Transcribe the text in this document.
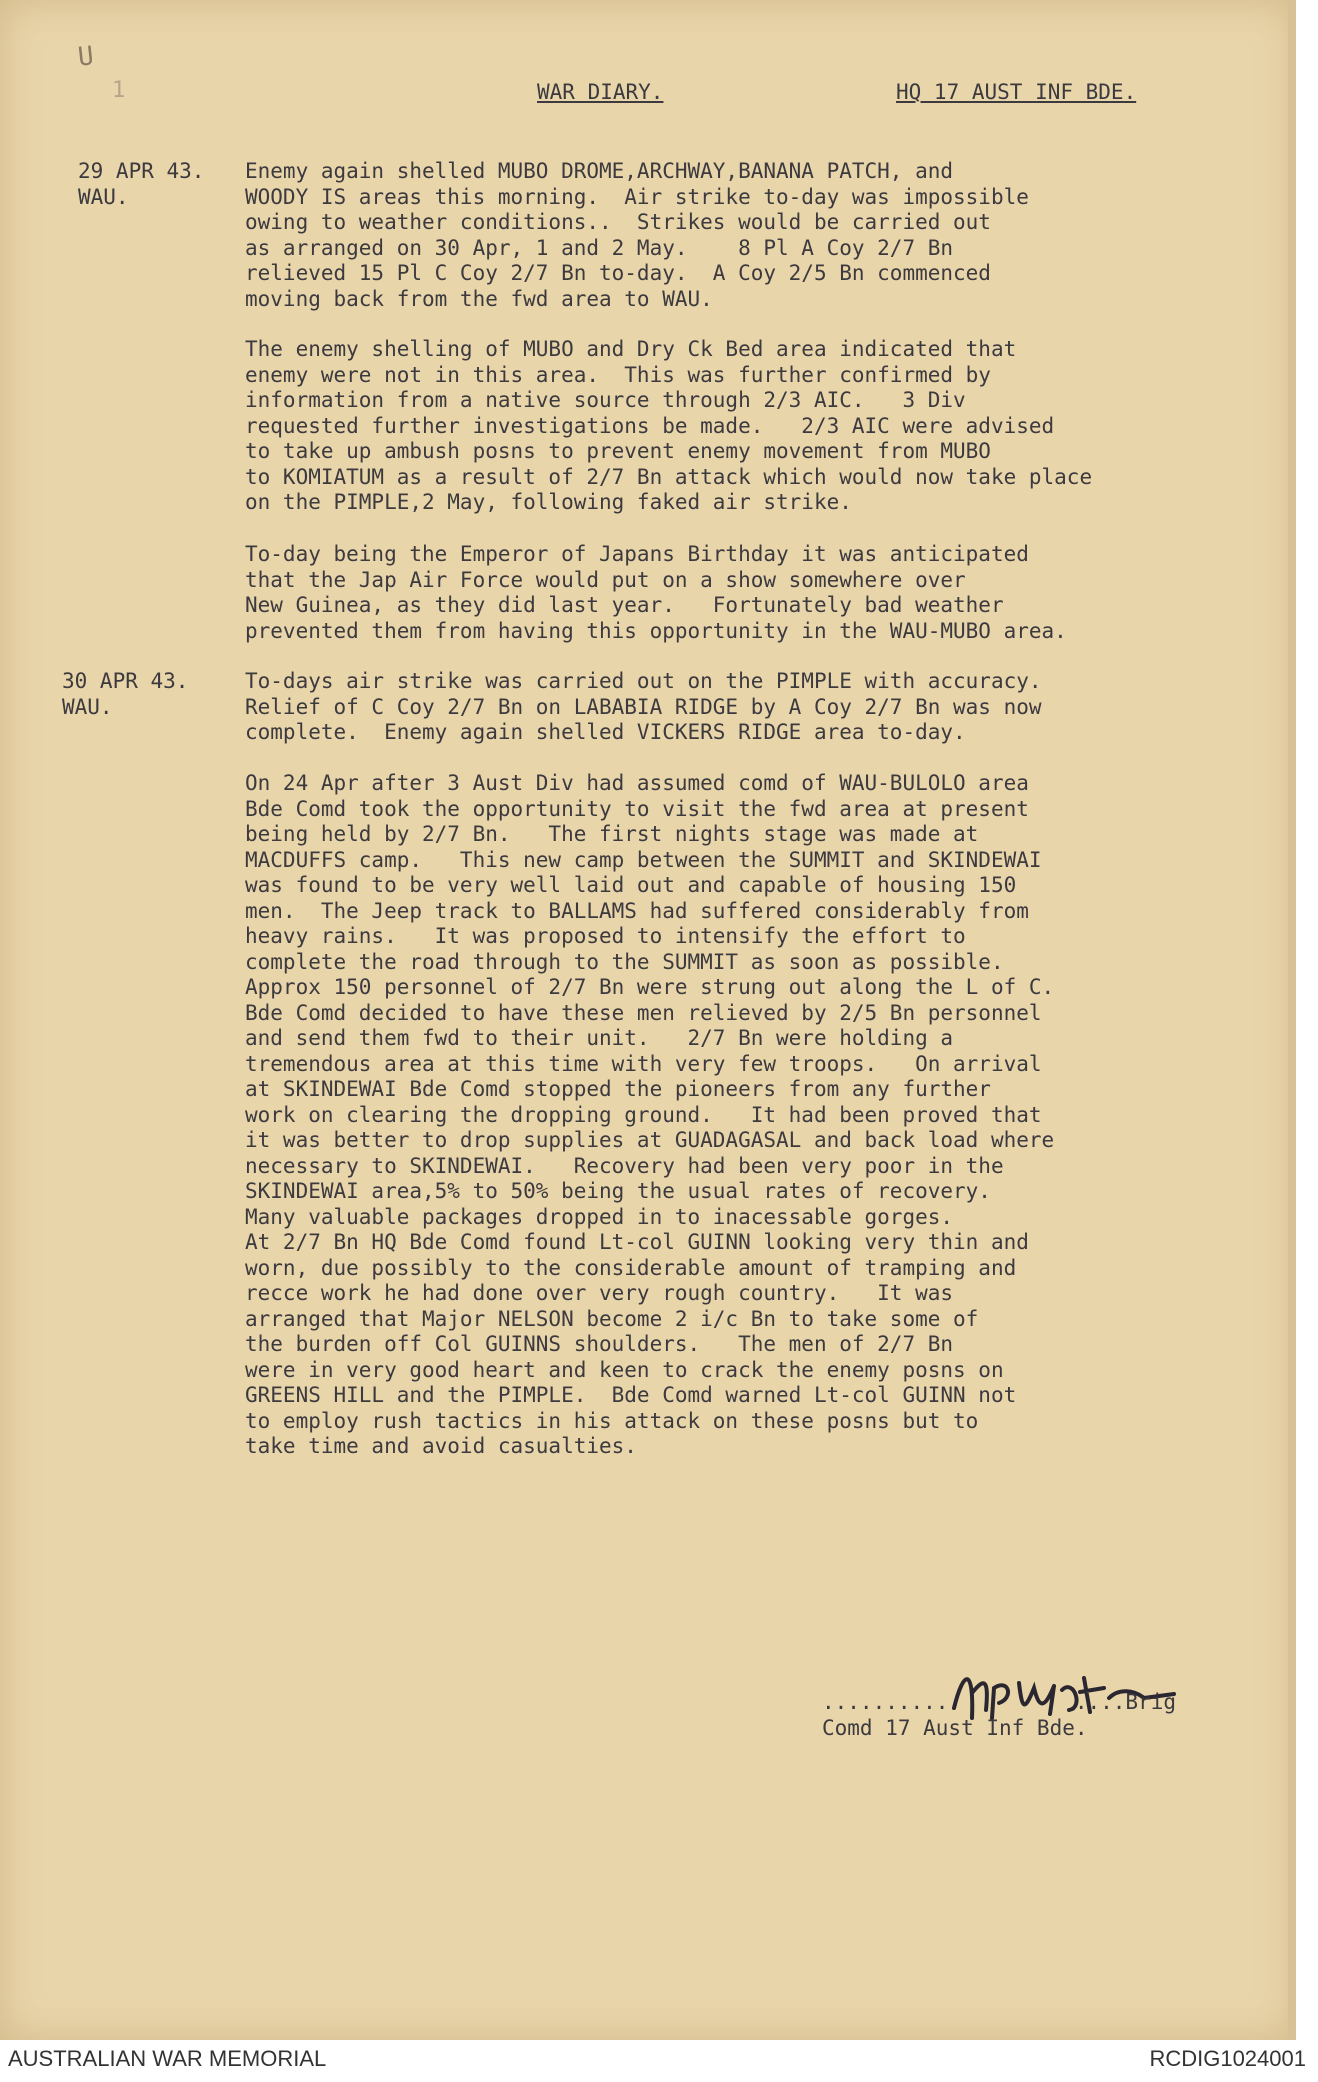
U
1	WAR DIARY.	HQ 17 AUST INF BDE.
29 APR 43.
WAU.
Enemy again shelled MUBO DROME,ARCHWAY,BANANA PATCH, and
WOODY IS areas this morning.  Air strike to-day was impossible
owing to weather conditions..  Strikes would be carried out
as arranged on 30 Apr, 1 and 2 May.    8 Pl A Coy 2/7 Bn
relieved 15 Pl C Coy 2/7 Bn to-day.  A Coy 2/5 Bn commenced
moving back from the fwd area to WAU.
The enemy shelling of MUBO and Dry Ck Bed area indicated that
enemy were not in this area.  This was further confirmed by
information from a native source through 2/3 AIC.   3 Div
requested further investigations be made.   2/3 AIC were advised
to take up ambush posns to prevent enemy movement from MUBO
to KOMIATUM as a result of 2/7 Bn attack which would now take place
on the PIMPLE,2 May, following faked air strike.
To-day being the Emperor of Japans Birthday it was anticipated
that the Jap Air Force would put on a show somewhere over
New Guinea, as they did last year.   Fortunately bad weather
prevented them from having this opportunity in the WAU-MUBO area.
30 APR 43.
WAU.
To-days air strike was carried out on the PIMPLE with accuracy.
Relief of C Coy 2/7 Bn on LABABIA RIDGE by A Coy 2/7 Bn was now
complete.  Enemy again shelled VICKERS RIDGE area to-day.
On 24 Apr after 3 Aust Div had assumed comd of WAU-BULOLO area
Bde Comd took the opportunity to visit the fwd area at present
being held by 2/7 Bn.   The first nights stage was made at
MACDUFFS camp.   This new camp between the SUMMIT and SKINDEWAI
was found to be very well laid out and capable of housing 150
men.  The Jeep track to BALLAMS had suffered considerably from
heavy rains.   It was proposed to intensify the effort to
complete the road through to the SUMMIT as soon as possible.
Approx 150 personnel of 2/7 Bn were strung out along the L of C.
Bde Comd decided to have these men relieved by 2/5 Bn personnel
and send them fwd to their unit.   2/7 Bn were holding a
tremendous area at this time with very few troops.   On arrival
at SKINDEWAI Bde Comd stopped the pioneers from any further
work on clearing the dropping ground.   It had been proved that
it was better to drop supplies at GUADAGASAL and back load where
necessary to SKINDEWAI.   Recovery had been very poor in the
SKINDEWAI area,5% to 50% being the usual rates of recovery.
Many valuable packages dropped in to inacessable gorges.
At 2/7 Bn HQ Bde Comd found Lt-col GUINN looking very thin and
worn, due possibly to the considerable amount of tramping and
recce work he had done over very rough country.   It was
arranged that Major NELSON become 2 i/c Bn to take some of
the burden off Col GUINNS shoulders.   The men of 2/7 Bn
were in very good heart and keen to crack the enemy posns on
GREENS HILL and the PIMPLE.  Bde Comd warned Lt-col GUINN not
to employ rush tactics in his attack on these posns but to
take time and avoid casualties.
..........          ....Brig
Comd 17 Aust Inf Bde.
AUSTRALIAN WAR MEMORIAL	RCDIG1024001
